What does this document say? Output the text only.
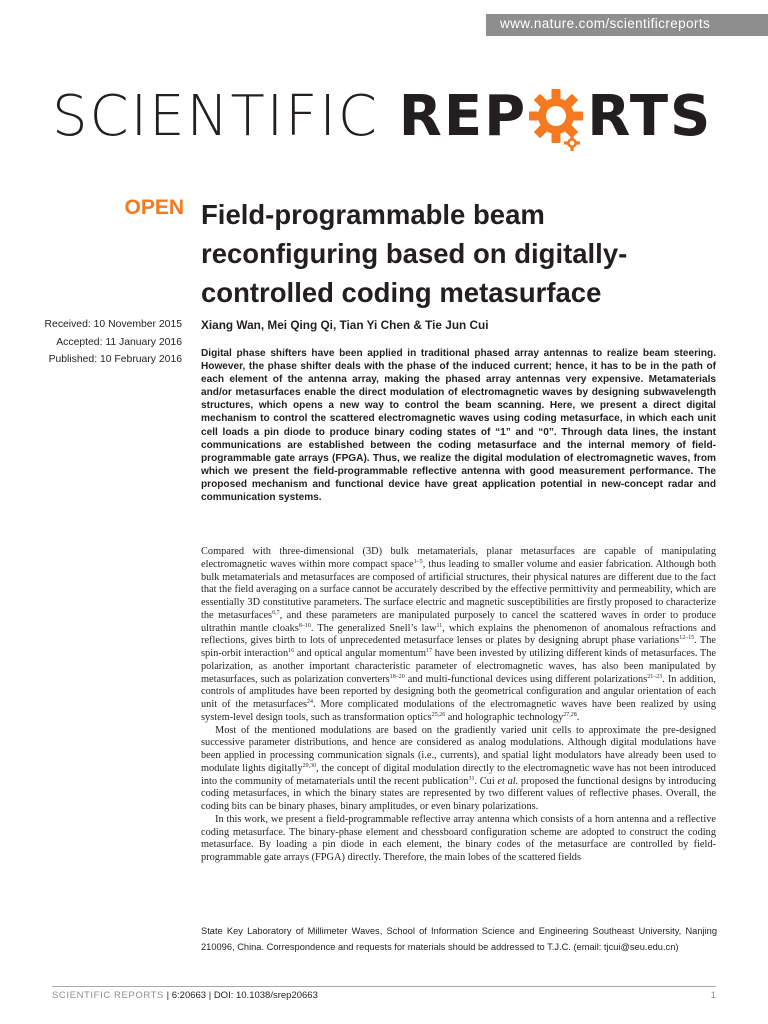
www.nature.com/scientificreports
SCIENTIFIC REP RTS
OPEN Field-programmable beam reconfiguring based on digitally-controlled coding metasurface
Received: 10 November 2015
Accepted: 11 January 2016
Published: 10 February 2016
Xiang Wan, Mei Qing Qi, Tian Yi Chen & Tie Jun Cui

Digital phase shifters have been applied in traditional phased array antennas to realize beam steering. However, the phase shifter deals with the phase of the induced current; hence, it has to be in the path of each element of the antenna array, making the phased array antennas very expensive. Metamaterials and/or metasurfaces enable the direct modulation of electromagnetic waves by designing subwavelength structures, which opens a new way to control the beam scanning. Here, we present a direct digital mechanism to control the scattered electromagnetic waves using coding metasurface, in which each unit cell loads a pin diode to produce binary coding states of “1” and “0”. Through data lines, the instant communications are established between the coding metasurface and the internal memory of field-programmable gate arrays (FPGA). Thus, we realize the digital modulation of electromagnetic waves, from which we present the field-programmable reflective antenna with good measurement performance. The proposed mechanism and functional device have great application potential in new-concept radar and communication systems.

Compared with three-dimensional (3D) bulk metamaterials, planar metasurfaces are capable of manipulating electromagnetic waves within more compact space$^{1-5}$, thus leading to smaller volume and easier fabrication. Although both bulk metamaterials and metasurfaces are composed of artificial structures, their physical natures are different due to the fact that the field averaging on a surface cannot be accurately described by the effective permittivity and permeability, which are essentially 3D constitutive parameters. The surface electric and magnetic susceptibilities are firstly proposed to characterize the metasurfaces$^{6,7}$, and these parameters are manipulated purposely to cancel the scattered waves in order to produce ultrathin mantle cloaks$^{8-10}$. The generalized Snell’s law$^{11}$, which explains the phenomenon of anomalous refractions and reflections, gives birth to lots of unprecedented metasurface lenses or plates by designing abrupt phase variations$^{12-15}$. The spin-orbit interaction$^{16}$ and optical angular momentum$^{17}$ have been invested by utilizing different kinds of metasurfaces. The polarization, as another important characteristic parameter of electromagnetic waves, has also been manipulated by metasurfaces, such as polarization converters$^{18-20}$ and multi-functional devices using different polarizations$^{21-23}$. In addition, controls of amplitudes have been reported by designing both the geometrical configuration and angular orientation of each unit of the metasurfaces$^{24}$. More complicated modulations of the electromagnetic waves have been realized by using system-level design tools, such as transformation optics$^{25,26}$ and holographic technology$^{27,28}$.

Most of the mentioned modulations are based on the gradiently varied unit cells to approximate the pre-designed successive parameter distributions, and hence are considered as analog modulations. Although digital modulations have been applied in processing communication signals (i.e., currents), and spatial light modulators have already been used to modulate lights digitally$^{29,30}$, the concept of digital modulation directly to the electromagnetic wave has not been introduced into the community of metamaterials until the recent publication$^{31}$. Cui et al. proposed the functional designs by introducing coding metasurfaces, in which the binary states are represented by two different values of reflective phases. Overall, the coding bits can be binary phases, binary amplitudes, or even binary polarizations.

In this work, we present a field-programmable reflective array antenna which consists of a horn antenna and a reflective coding metasurface. The binary-phase element and chessboard configuration scheme are adopted to construct the coding metasurface. By loading a pin diode in each element, the binary codes of the metasurface are controlled by field-programmable gate arrays (FPGA) directly. Therefore, the main lobes of the scattered fields

State Key Laboratory of Millimeter Waves, School of Information Science and Engineering Southeast University, Nanjing 210096, China. Correspondence and requests for materials should be addressed to T.J.C. (email: tjcui@seu.edu.cn)

SCIENTIFIC REPORTS | 6:20663 | DOI: 10.1038/srep20663	1
